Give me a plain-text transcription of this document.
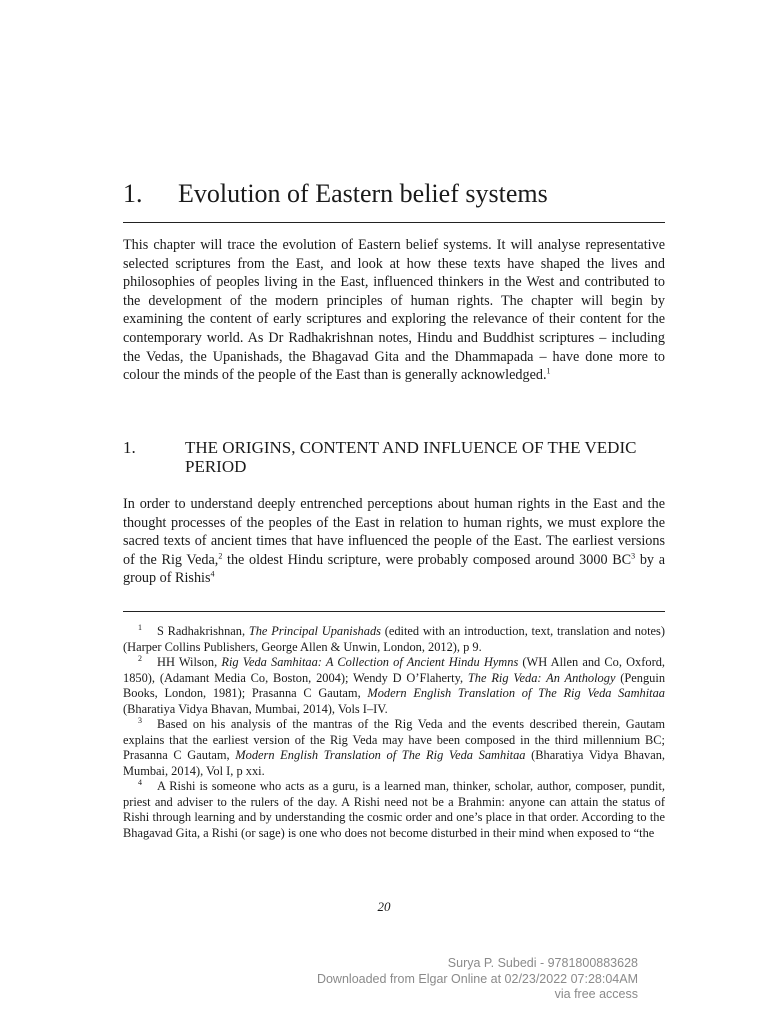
1. Evolution of Eastern belief systems

This chapter will trace the evolution of Eastern belief systems. It will analyse representative selected scriptures from the East, and look at how these texts have shaped the lives and philosophies of peoples living in the East, influenced thinkers in the West and contributed to the development of the modern principles of human rights. The chapter will begin by examining the content of early scriptures and exploring the relevance of their content for the contemporary world. As Dr Radhakrishnan notes, Hindu and Buddhist scriptures – including the Vedas, the Upanishads, the Bhagavad Gita and the Dhammapada – have done more to colour the minds of the people of the East than is generally acknowledged.$^1$

1.	THE ORIGINS, CONTENT AND INFLUENCE OF THE VEDIC PERIOD

In order to understand deeply entrenched perceptions about human rights in the East and the thought processes of the peoples of the East in relation to human rights, we must explore the sacred texts of ancient times that have influenced the people of the East. The earliest versions of the Rig Veda,$^2$ the oldest Hindu scripture, were probably composed around 3000 $BC^3$ by a group of Rishis$^4$

1 S Radhakrishnan, The Principal Upanishads (edited with an introduction, text, translation and notes) (Harper Collins Publishers, George Allen & Unwin, London, 2012), p 9.

2 HH Wilson, Rig Veda Samhitaa: A Collection of Ancient Hindu Hymns (WH Allen and Co, Oxford, 1850), (Adamant Media Co, Boston, 2004); Wendy D O’Flaherty, The Rig Veda: An Anthology (Penguin Books, London, 1981); Prasanna C Gautam, Modern English Translation of The Rig Veda Samhitaa (Bharatiya Vidya Bhavan, Mumbai, 2014), Vols I–IV.

3 Based on his analysis of the mantras of the Rig Veda and the events described therein, Gautam explains that the earliest version of the Rig Veda may have been composed in the third millennium BC; Prasanna C Gautam, Modern English Translation of The Rig Veda Samhitaa (Bharatiya Vidya Bhavan, Mumbai, 2014), Vol I, p xxi.

4 A Rishi is someone who acts as a guru, is a learned man, thinker, scholar, author, composer, pundit, priest and adviser to the rulers of the day. A Rishi need not be a Brahmin: anyone can attain the status of Rishi through learning and by understanding the cosmic order and one’s place in that order. According to the Bhagavad Gita, a Rishi (or sage) is one who does not become disturbed in their mind when exposed to “the

20
Surya P. Subedi - 9781800883628
Downloaded from Elgar Online at 02/23/2022 07:28:04AM
via free access
